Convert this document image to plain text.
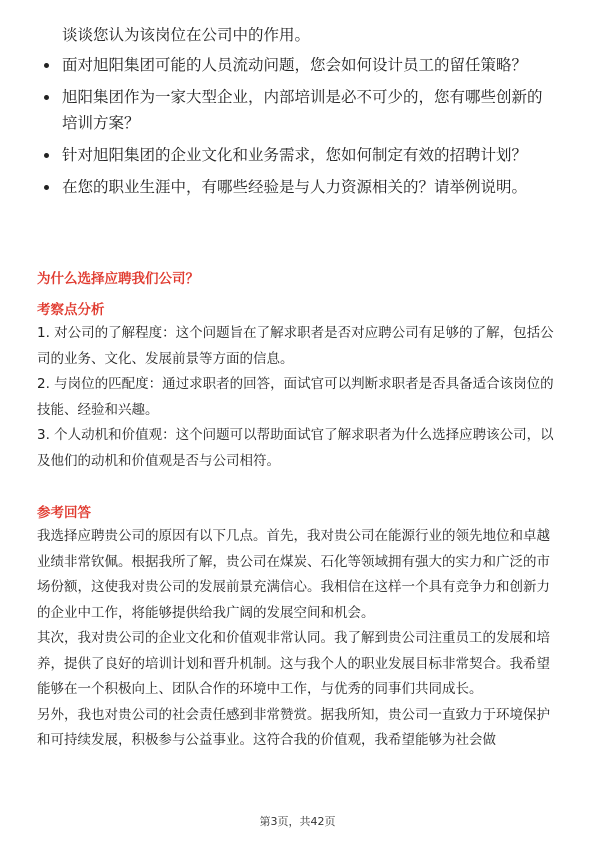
谈谈您认为该岗位在公司中的作用。
面对旭阳集团可能的人员流动问题，您会如何设计员工的留任策略？
旭阳集团作为一家大型企业，内部培训是必不可少的，您有哪些创新的培训方案？
针对旭阳集团的企业文化和业务需求，您如何制定有效的招聘计划？
在您的职业生涯中，有哪些经验是与人力资源相关的？请举例说明。

为什么选择应聘我们公司？

考察点分析

1. 对公司的了解程度：这个问题旨在了解求职者是否对应聘公司有足够的了解，包括公司的业务、文化、发展前景等方面的信息。

2. 与岗位的匹配度：通过求职者的回答，面试官可以判断求职者是否具备适合该岗位的技能、经验和兴趣。

3. 个人动机和价值观：这个问题可以帮助面试官了解求职者为什么选择应聘该公司，以及他们的动机和价值观是否与公司相符。

参考回答

我选择应聘贵公司的原因有以下几点。首先，我对贵公司在能源行业的领先地位和卓越业绩非常钦佩。根据我所了解，贵公司在煤炭、石化等领域拥有强大的实力和广泛的市场份额，这使我对贵公司的发展前景充满信心。我相信在这样一个具有竞争力和创新力的企业中工作，将能够提供给我广阔的发展空间和机会。

其次，我对贵公司的企业文化和价值观非常认同。我了解到贵公司注重员工的发展和培养，提供了良好的培训计划和晋升机制。这与我个人的职业发展目标非常契合。我希望能够在一个积极向上、团队合作的环境中工作，与优秀的同事们共同成长。

另外，我也对贵公司的社会责任感到非常赞赏。据我所知，贵公司一直致力于环境保护和可持续发展，积极参与公益事业。这符合我的价值观，我希望能够为社会做

第3页，共42页
